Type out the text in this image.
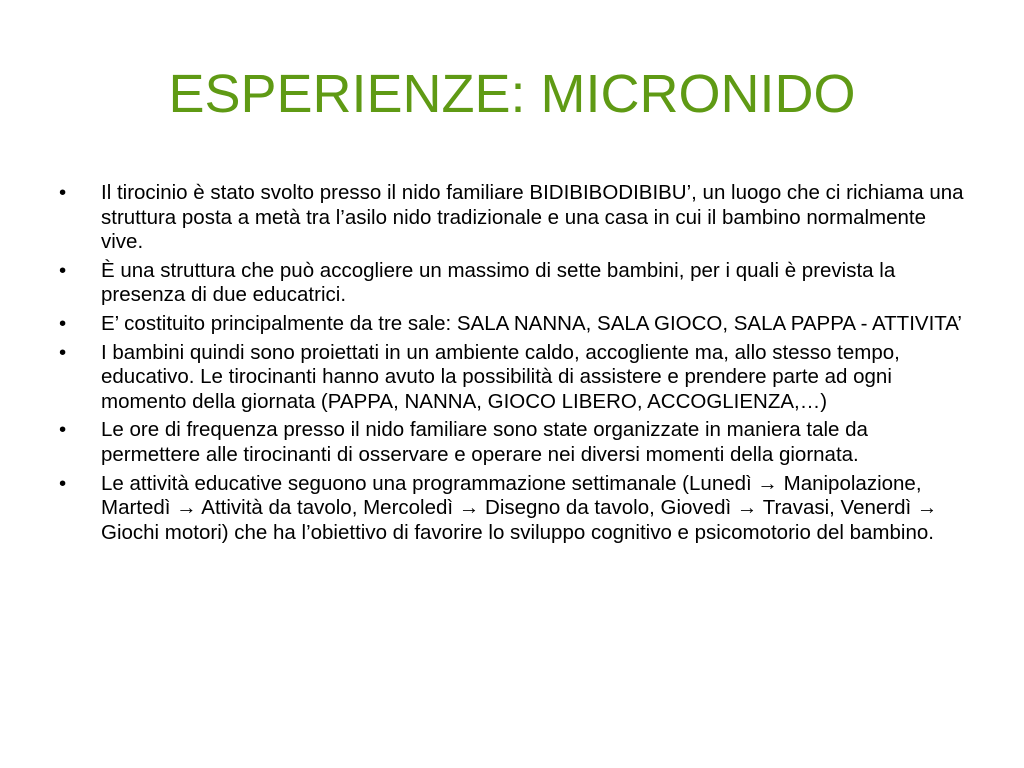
ESPERIENZE: MICRONIDO
•	Il tirocinio è stato svolto presso il nido familiare BIDIBIBODIBIBU’, un luogo che ci richiama una struttura posta a metà tra l’asilo nido tradizionale e una casa in cui il bambino normalmente vive.
•	È una struttura che può accogliere un massimo di sette bambini, per i quali è prevista la presenza di due educatrici.
•	E’ costituito principalmente da tre sale: SALA NANNA, SALA GIOCO, SALA PAPPA - ATTIVITA’
•	I bambini quindi sono proiettati in un ambiente caldo, accogliente ma, allo stesso tempo, educativo. Le tirocinanti hanno avuto la possibilità di assistere e prendere parte ad ogni momento della giornata (PAPPA, NANNA, GIOCO LIBERO, ACCOGLIENZA,…)
•	Le ore di frequenza presso il nido familiare sono state organizzate in maniera tale da permettere alle tirocinanti di osservare e operare nei diversi momenti della giornata.
•	Le attività educative seguono una programmazione settimanale (Lunedì → Manipolazione, Martedì → Attività da tavolo, Mercoledì → Disegno da tavolo, Giovedì → Travasi, Venerdì → Giochi motori) che ha l’obiettivo di favorire lo sviluppo cognitivo e psicomotorio del bambino.
